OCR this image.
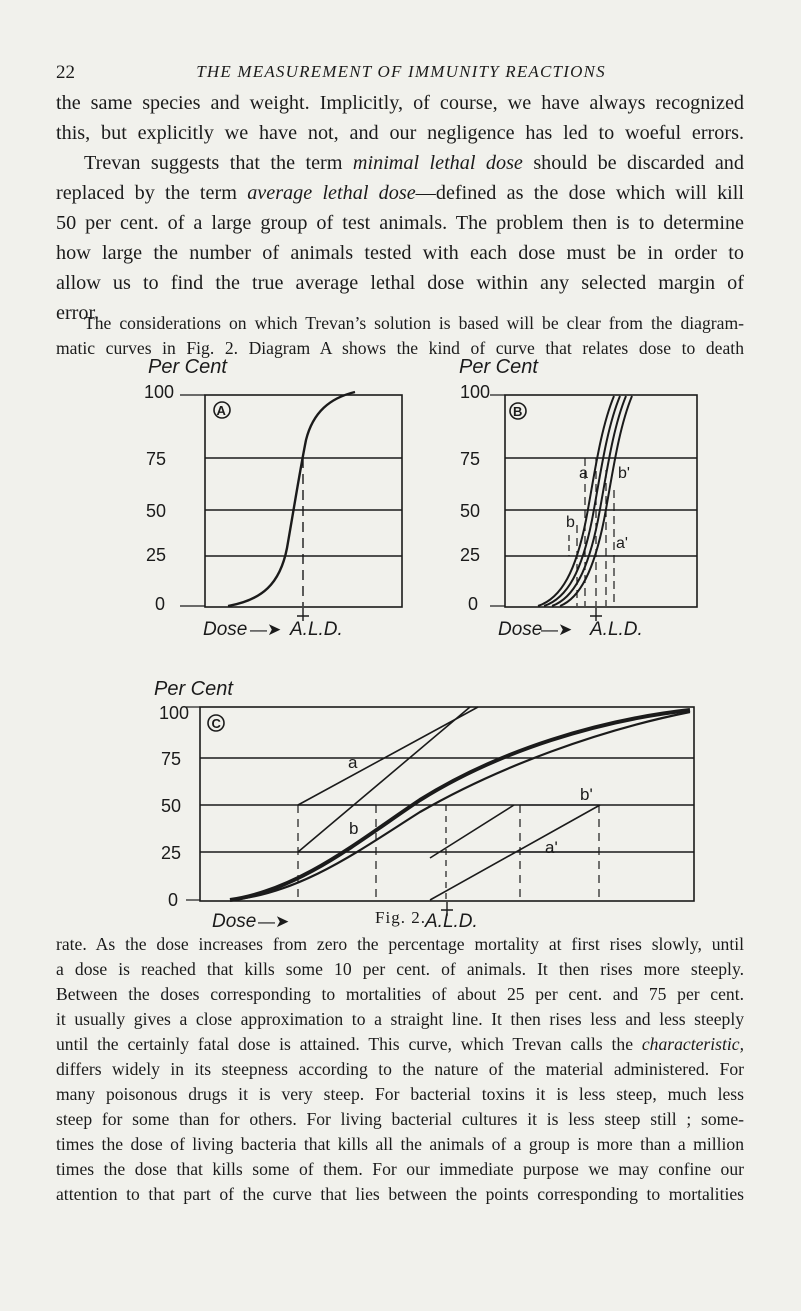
22	THE MEASUREMENT OF IMMUNITY REACTIONS
the same species and weight. Implicitly, of course, we have always recognized
this, but explicitly we have not, and our negligence has led to woeful errors.
Trevan suggests that the term minimal lethal dose should be discarded and
replaced by the term average lethal dose—defined as the dose which will kill
50 per cent. of a large group of test animals. The problem then is to determine
how large the number of animals tested with each dose must be in order to
allow us to find the true average lethal dose within any selected margin of
error.
The considerations on which Trevan’s solution is based will be clear from the diagram-
matic curves in Fig. 2. Diagram A shows the kind of curve that relates dose to death
Per Cent
100
75
50
25
0
A
Dose —➤ A.L.D.
Per Cent
100
75
50
25
0
B
a
b
a'
b'
Dose
—➤ A.L.D.
Per Cent
100
75
50
25
0
C
a
b
b'
a'
Dose —➤	A.L.D.
Fig. 2.
rate. As the dose increases from zero the percentage mortality at first rises slowly, until
a dose is reached that kills some 10 per cent. of animals. It then rises more steeply.
Between the doses corresponding to mortalities of about 25 per cent. and 75 per cent.
it usually gives a close approximation to a straight line. It then rises less and less steeply
until the certainly fatal dose is attained. This curve, which Trevan calls the characteristic,
differs widely in its steepness according to the nature of the material administered. For
many poisonous drugs it is very steep. For bacterial toxins it is less steep, much less
steep for some than for others. For living bacterial cultures it is less steep still ; some-
times the dose of living bacteria that kills all the animals of a group is more than a million
times the dose that kills some of them. For our immediate purpose we may confine our
attention to that part of the curve that lies between the points corresponding to mortalities
